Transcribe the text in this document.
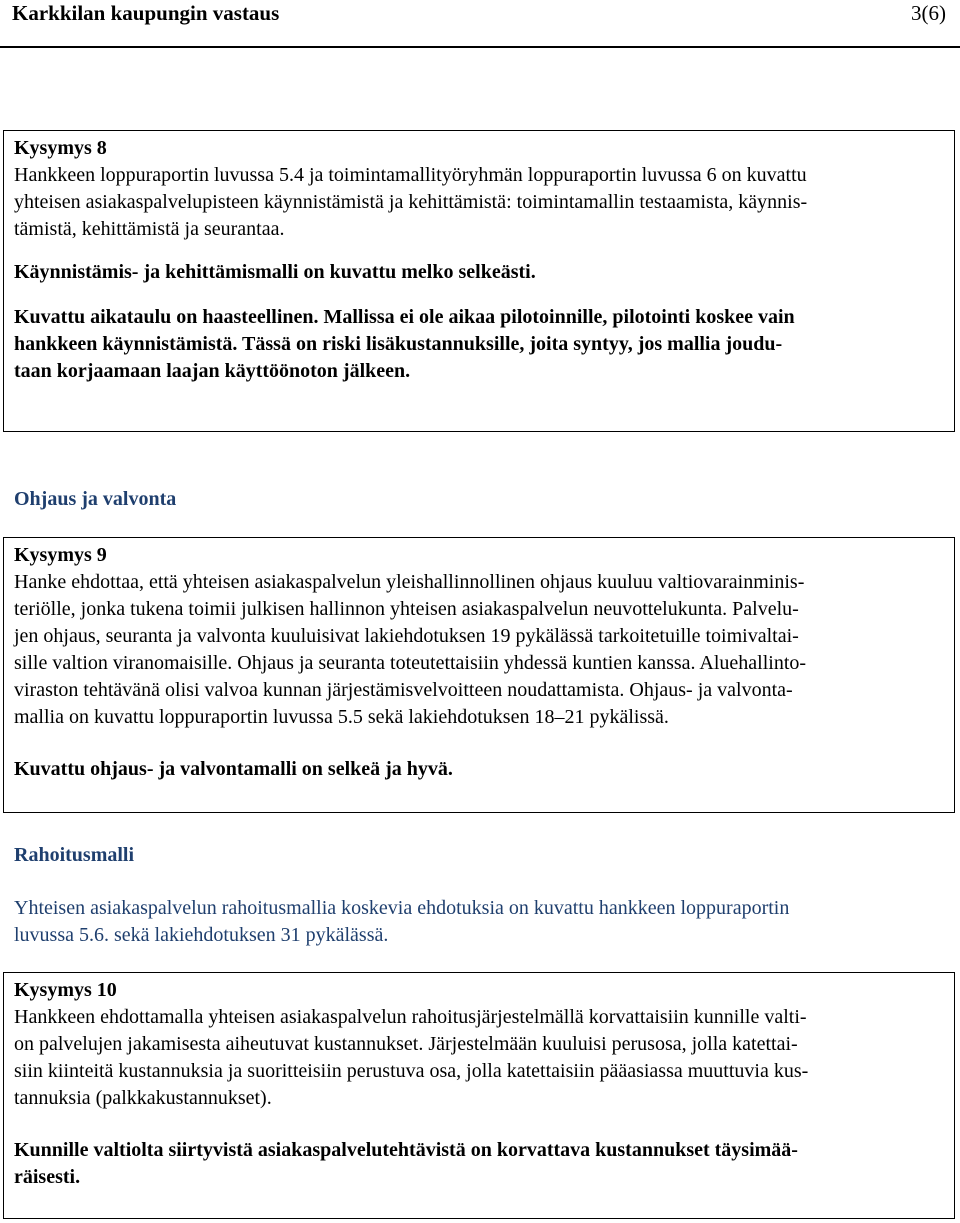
Karkkilan kaupungin vastaus	3(6)

Kysymys 8

Hankkeen loppuraportin luvussa 5.4 ja toimintamallityöryhmän loppuraportin luvussa 6 on kuvattu

yhteisen asiakaspalvelupisteen käynnistämistä ja kehittämistä: toimintamallin testaamista, käynnis-

tämistä, kehittämistä ja seurantaa.

Käynnistämis- ja kehittämismalli on kuvattu melko selkeästi.

Kuvattu aikataulu on haasteellinen. Mallissa ei ole aikaa pilotoinnille, pilotointi koskee vain

hankkeen käynnistämistä. Tässä on riski lisäkustannuksille, joita syntyy, jos mallia joudu-

taan korjaamaan laajan käyttöönoton jälkeen.

Ohjaus ja valvonta

Kysymys 9

Hanke ehdottaa, että yhteisen asiakaspalvelun yleishallinnollinen ohjaus kuuluu valtiovarainminis-

teriölle, jonka tukena toimii julkisen hallinnon yhteisen asiakaspalvelun neuvottelukunta. Palvelu-

jen ohjaus, seuranta ja valvonta kuuluisivat lakiehdotuksen 19 pykälässä tarkoitetuille toimivaltai-

sille valtion viranomaisille. Ohjaus ja seuranta toteutettaisiin yhdessä kuntien kanssa. Aluehallinto-

viraston tehtävänä olisi valvoa kunnan järjestämisvelvoitteen noudattamista. Ohjaus- ja valvonta-

mallia on kuvattu loppuraportin luvussa 5.5 sekä lakiehdotuksen 18–21 pykälissä.

Kuvattu ohjaus- ja valvontamalli on selkeä ja hyvä.

Rahoitusmalli

Yhteisen asiakaspalvelun rahoitusmallia koskevia ehdotuksia on kuvattu hankkeen loppuraportin

luvussa 5.6. sekä lakiehdotuksen 31 pykälässä.

Kysymys 10

Hankkeen ehdottamalla yhteisen asiakaspalvelun rahoitusjärjestelmällä korvattaisiin kunnille valti-

on palvelujen jakamisesta aiheutuvat kustannukset. Järjestelmään kuuluisi perusosa, jolla katettai-

siin kiinteitä kustannuksia ja suoritteisiin perustuva osa, jolla katettaisiin pääasiassa muuttuvia kus-

tannuksia (palkkakustannukset).

Kunnille valtiolta siirtyvistä asiakaspalvelutehtävistä on korvattava kustannukset täysimää-

räisesti.
